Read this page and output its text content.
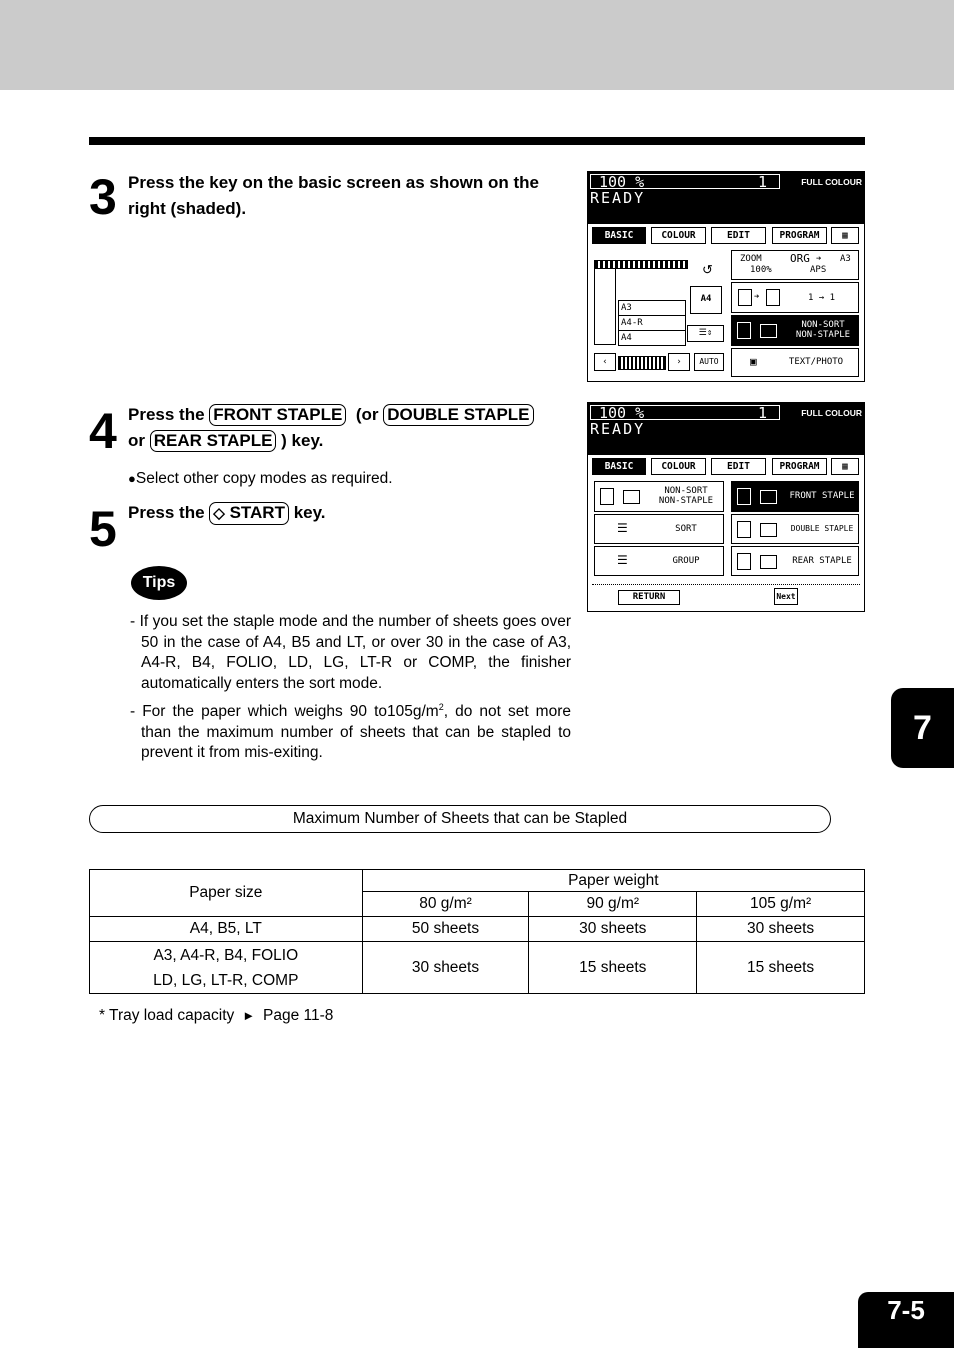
3 Press the key on the basic screen as shown on the right (shaded).
4 Press the FRONT STAPLE (or DOUBLE STAPLE
or REAR STAPLE ) key.
●Select other copy modes as required.
5 Press the ◇ START key.
Tips
- If you set the staple mode and the number of sheets goes over 50 in the case of A4, B5 and LT, or over 30 in the case of A3, A4-R, B4, FOLIO, LD, LG, LT-R or COMP, the finisher automatically enters the sort mode.
- For the paper which weighs 90 $to105g/m^2$, do not set more than the maximum number of sheets that can be stapled to prevent it from mis-exiting.
100 %	1	FULL COLOUR
READY
BASIC	COLOUR	EDIT	PROGRAM	▦
A3
A4-R
A4
A4
↺
☰⇕
ZOOM
100%
ORG ➔ A3
APS
➔	1 → 1
NON-SORT
NON-STAPLE
‹	›	AUTO	▣	TEXT/PHOTO
100 %	1	FULL COLOUR
READY
BASIC	COLOUR	EDIT	PROGRAM	▦
NON-SORT
NON-STAPLE
☰	SORT
☰	GROUP
FRONT STAPLE
DOUBLE STAPLE
REAR STAPLE
RETURN	Next
7
Maximum Number of Sheets that can be Stapled
Paper size	Paper weight		
	80 g/m²	90 g/m²	105 g/m²
A4, B5, LT	50 sheets	30 sheets	30 sheets

A3, A4-R, B4, FOLIO
LD, LG, LT-R, COMP	30 sheets	15 sheets	15 sheets
* Tray load capacity  ►  Page 11-8
7-5
